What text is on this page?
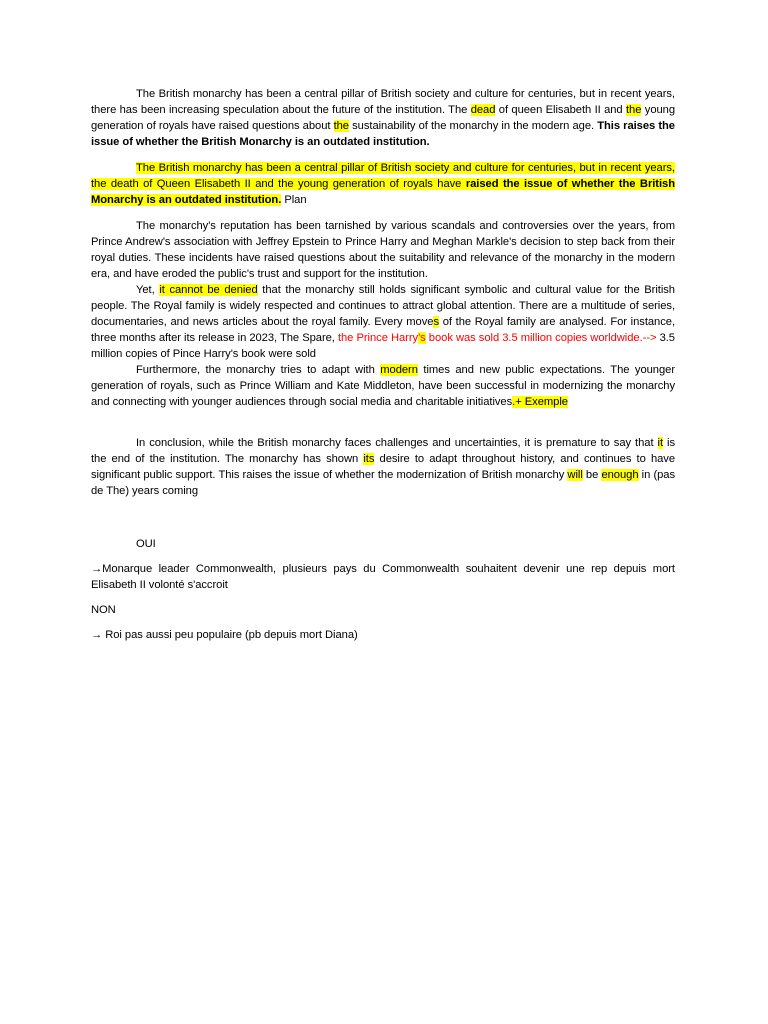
The British monarchy has been a central pillar of British society and culture for centuries, but in recent years, there has been increasing speculation about the future of the institution. The dead of queen Elisabeth II and the young generation of royals have raised questions about the sustainability of the monarchy in the modern age. This raises the issue of whether the British Monarchy is an outdated institution.

The British monarchy has been a central pillar of British society and culture for centuries, but in recent years, the death of Queen Elisabeth II and the young generation of royals have raised the issue of whether the British Monarchy is an outdated institution. Plan

The monarchy's reputation has been tarnished by various scandals and controversies over the years, from Prince Andrew's association with Jeffrey Epstein to Prince Harry and Meghan Markle's decision to step back from their royal duties. These incidents have raised questions about the suitability and relevance of the monarchy in the modern era, and have eroded the public's trust and support for the institution.

Yet, it cannot be denied that the monarchy still holds significant symbolic and cultural value for the British people. The Royal family is widely respected and continues to attract global attention. There are a multitude of series, documentaries, and news articles about the royal family. Every moves of the Royal family are analysed. For instance, three months after its release in 2023, The Spare, the Prince Harry's book was sold 3.5 million copies worldwide.--> 3.5 million copies of Pince Harry's book were sold

Furthermore, the monarchy tries to adapt with modern times and new public expectations. The younger generation of royals, such as Prince William and Kate Middleton, have been successful in modernizing the monarchy and connecting with younger audiences through social media and charitable initiatives.+ Exemple

In conclusion, while the British monarchy faces challenges and uncertainties, it is premature to say that it is the end of the institution. The monarchy has shown its desire to adapt throughout history, and continues to have significant public support. This raises the issue of whether the modernization of British monarchy will be enough in (pas de The) years coming

OUI

→Monarque leader Commonwealth, plusieurs pays du Commonwealth souhaitent devenir une rep depuis mort Elisabeth II volonté s'accroit

NON

→ Roi pas aussi peu populaire (pb depuis mort Diana)
